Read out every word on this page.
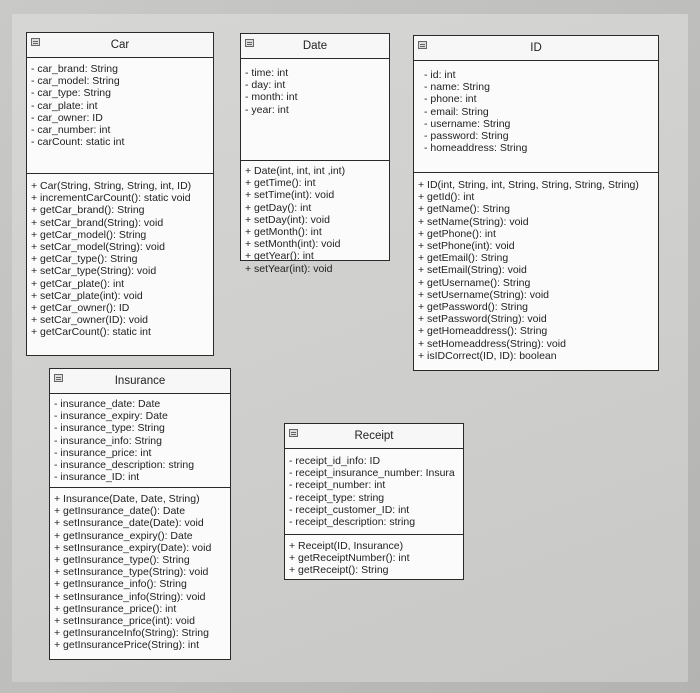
Car
- car_brand: String
- car_model: String
- car_type: String
- car_plate: int
- car_owner: ID
- car_number: int
- carCount: static int
+ Car(String, String, String, int, ID)
+ incrementCarCount(): static void
+ getCar_brand(): String
+ setCar_brand(String): void
+ getCar_model(): String
+ setCar_model(String): void
+ getCar_type(): String
+ setCar_type(String): void
+ getCar_plate(): int
+ setCar_plate(int): void
+ getCar_owner(): ID
+ setCar_owner(ID): void
+ getCarCount(): static int
Date
- time: int
- day: int
- month: int
- year: int
+ Date(int, int, int ,int)
+ getTime(): int
+ setTime(int): void
+ getDay(): int
+ setDay(int): void
+ getMonth(): int
+ setMonth(int): void
+ getYear(): int
+ setYear(int): void
ID
- id: int
- name: String
- phone: int
- email: String
- username: String
- password: String
- homeaddress: String
+ ID(int, String, int, String, String, String, String)
+ getId(): int
+ getName(): String
+ setName(String): void
+ getPhone(): int
+ setPhone(int): void
+ getEmail(): String
+ setEmail(String): void
+ getUsername(): String
+ setUsername(String): void
+ getPassword(): String
+ setPassword(String): void
+ getHomeaddress(): String
+ setHomeaddress(String): void
+ isIDCorrect(ID, ID): boolean
Insurance
- insurance_date: Date
- insurance_expiry: Date
- insurance_type: String
- insurance_info: String
- insurance_price: int
- insurance_description: string
- insurance_ID: int
+ Insurance(Date, Date, String)
+ getInsurance_date(): Date
+ setInsurance_date(Date): void
+ getInsurance_expiry(): Date
+ setInsurance_expiry(Date): void
+ getInsurance_type(): String
+ setInsurance_type(String): void
+ getInsurance_info(): String
+ setInsurance_info(String): void
+ getInsurance_price(): int
+ setInsurance_price(int): void
+ getInsuranceInfo(String): String
+ getInsurancePrice(String): int
Receipt
- receipt_id_info: ID
- receipt_insurance_number: Insura
- receipt_number: int
- receipt_type: string
- receipt_customer_ID: int
- receipt_description: string
+ Receipt(ID, Insurance)
+ getReceiptNumber(): int
+ getReceipt(): String
